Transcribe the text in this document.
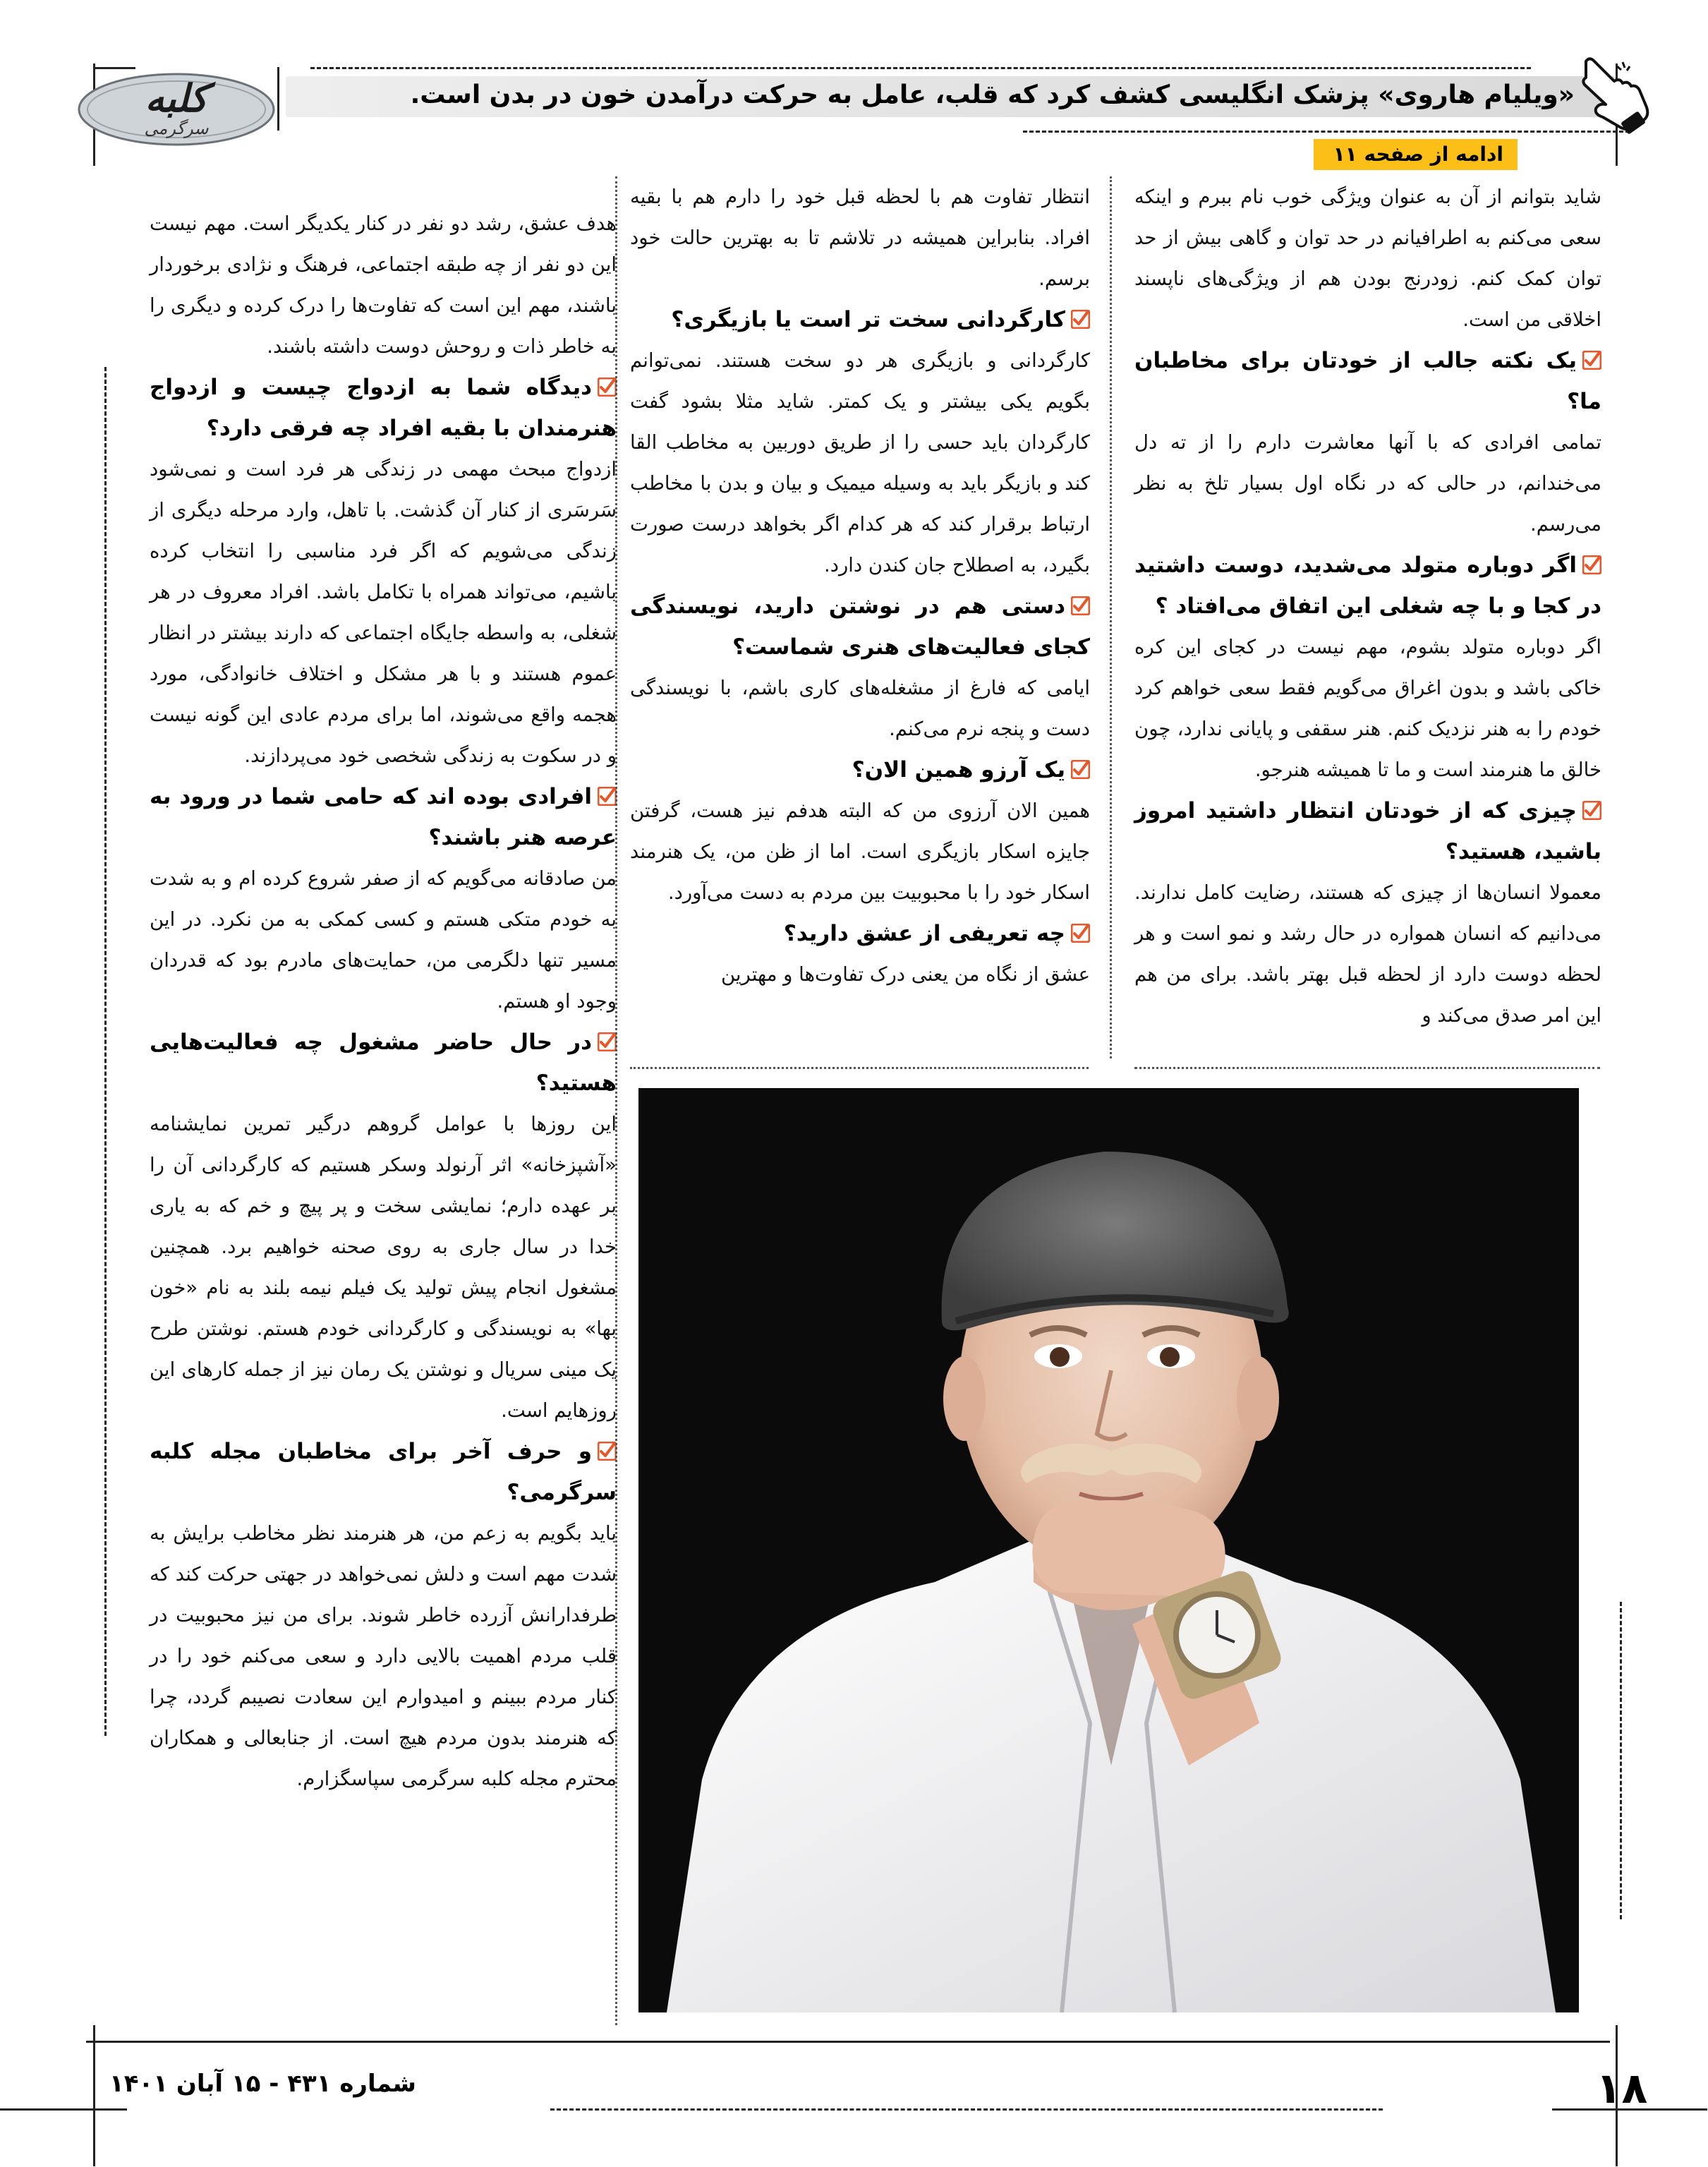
«ویلیام هاروی» پزشک انگلیسی کشف کرد که قلب، عامل به حرکت درآمدن خون در بدن است.
کلبه
سرگرمی
ادامه از صفحه ۱۱

شاید بتوانم از آن به عنوان ویژگی خوب نام ببرم و اینکه سعی می‌کنم به اطرافیانم در حد توان و گاهی بیش از حد توان کمک کنم. زودرنج بودن هم از ویژگی‌های ناپسند اخلاقی من است.

یک نکته جالب از خودتان برای مخاطبان ما؟

تمامی افرادی که با آنها معاشرت دارم را از ته دل می‌خندانم، در حالی که در نگاه اول بسیار تلخ به نظر می‌رسم.

اگر دوباره متولد می‌شدید، دوست داشتید در کجا و با چه شغلی این اتفاق می‌افتاد ؟

اگر دوباره متولد بشوم، مهم نیست در کجای این کره خاکی باشد و بدون اغراق می‌گویم فقط سعی خواهم کرد خودم را به هنر نزدیک کنم. هنر سقفی و پایانی ندارد، چون خالق ما هنرمند است و ما تا همیشه هنرجو.

چیزی که از خودتان انتظار داشتید امروز باشید، هستید؟

معمولا انسان‌ها از چیزی که هستند، رضایت کامل ندارند. می‌دانیم که انسان همواره در حال رشد و نمو است و هر لحظه دوست دارد از لحظه قبل بهتر باشد. برای من هم این امر صدق می‌کند و

انتظار تفاوت هم با لحظه قبل خود را دارم هم با بقیه افراد. بنابراین همیشه در تلاشم تا به بهترین حالت خود برسم.

کارگردانی سخت تر است یا بازیگری؟

کارگردانی و بازیگری هر دو سخت هستند. نمی‌توانم بگویم یکی بیشتر و یک کمتر. شاید مثلا بشود گفت کارگردان باید حسی را از طریق دوربین به مخاطب القا کند و بازیگر باید به وسیله میمیک و بیان و بدن با مخاطب ارتباط برقرار کند که هر کدام اگر بخواهد درست صورت بگیرد، به اصطلاح جان کندن دارد.

دستی هم در نوشتن دارید، نویسندگی کجای فعالیت‌های هنری شماست؟

ایامی که فارغ از مشغله‌های کاری باشم، با نویسندگی دست و پنجه نرم می‌کنم.

یک آرزو همین الان؟

همین الان آرزوی من که البته هدفم نیز هست، گرفتن جایزه اسکار بازیگری است. اما از ظن من، یک هنرمند اسکار خود را با محبوبیت بین مردم به دست می‌آورد.

چه تعریفی از عشق دارید؟

عشق از نگاه من یعنی درک تفاوت‌ها و مهترین

هدف عشق، رشد دو نفر در کنار یکدیگر است. مهم نیست این دو نفر از چه طبقه اجتماعی، فرهنگ و نژادی برخوردار باشند، مهم این است که تفاوت‌ها را درک کرده و دیگری را به خاطر ذات و روحش دوست داشته باشند.

دیدگاه شما به ازدواج چیست و ازدواج هنرمندان با بقیه افراد چه فرقی دارد؟

ازدواج مبحث مهمی در زندگی هر فرد است و نمی‌شود سَرسَری از کنار آن گذشت. با تاهل، وارد مرحله دیگری از زندگی می‌شویم که اگر فرد مناسبی را انتخاب کرده باشیم، می‌تواند همراه با تکامل باشد. افراد معروف در هر شغلی، به واسطه جایگاه اجتماعی که دارند بیشتر در انظار عموم هستند و با هر مشکل و اختلاف خانوادگی، مورد هجمه واقع می‌شوند، اما برای مردم عادی این گونه نیست و در سکوت به زندگی شخصی خود می‌پردازند.

افرادی بوده اند که حامی شما در ورود به عرصه هنر باشند؟

من صادقانه می‌گویم که از صفر شروع کرده ام و به شدت به خودم متکی هستم و کسی کمکی به من نکرد. در این مسیر تنها دلگرمی من، حمایت‌های مادرم بود که قدردان وجود او هستم.

در حال حاضر مشغول چه فعالیت‌هایی هستید؟

این روزها با عوامل گروهم درگیر تمرین نمایشنامه «آشپزخانه» اثر آرنولد وسکر هستیم که کارگردانی آن را بر عهده دارم؛ نمایشی سخت و پر پیچ و خم که به یاری خدا در سال جاری به روی صحنه خواهیم برد. همچنین مشغول انجام پیش تولید یک فیلم نیمه بلند به نام «خون بها» به نویسندگی و کارگردانی خودم هستم. نوشتن طرح یک مینی سریال و نوشتن یک رمان نیز از جمله کارهای این روزهایم است.

و حرف آخر برای مخاطبان مجله کلبه سرگرمی؟

باید بگویم به زعم من، هر هنرمند نظر مخاطب برایش به شدت مهم است و دلش نمی‌خواهد در جهتی حرکت کند که طرفدارانش آزرده خاطر شوند. برای من نیز محبوبیت در قلب مردم اهمیت بالایی دارد و سعی می‌کنم خود را در کنار مردم ببینم و امیدوارم این سعادت نصیبم گردد، چرا که هنرمند بدون مردم هیچ است. از جنابعالی و همکاران محترم مجله کلبه سرگرمی سپاسگزارم.

۱۸
شماره ۴۳۱ - ۱۵ آبان ۱۴۰۱
